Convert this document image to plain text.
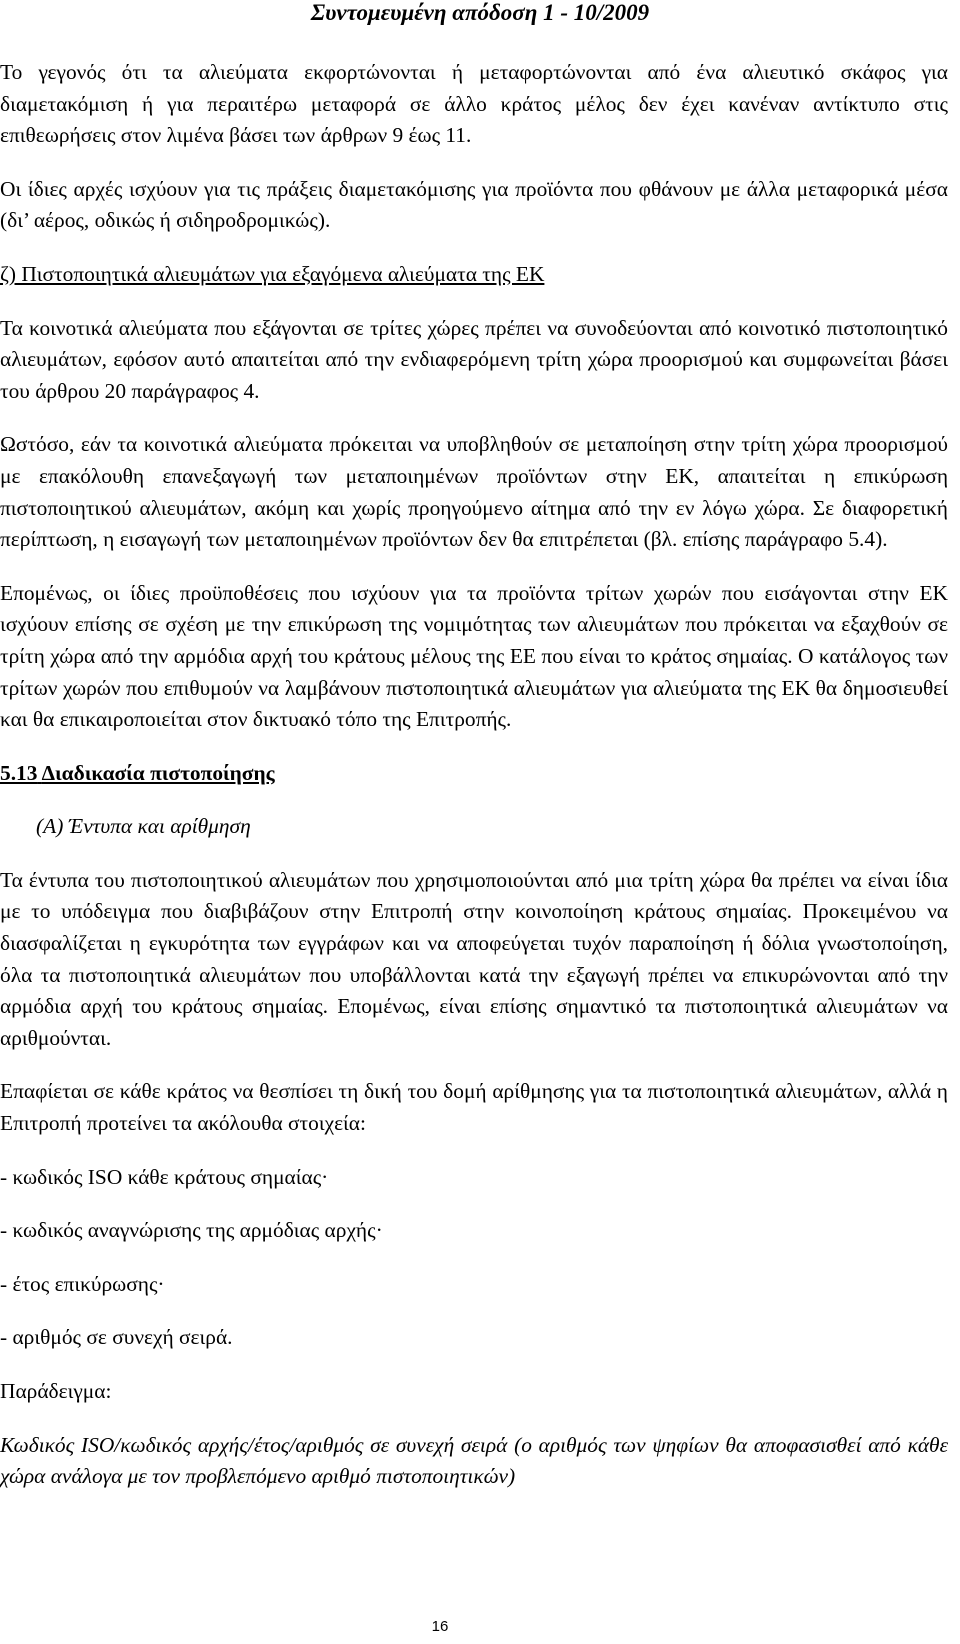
Συντομευμένη απόδοση 1 - 10/2009

Το γεγονός ότι τα αλιεύματα εκφορτώνονται ή μεταφορτώνονται από ένα αλιευτικό σκάφος για διαμετακόμιση ή για περαιτέρω μεταφορά σε άλλο κράτος μέλος δεν έχει κανέναν αντίκτυπο στις επιθεωρήσεις στον λιμένα βάσει των άρθρων 9 έως 11.

Οι ίδιες αρχές ισχύουν για τις πράξεις διαμετακόμισης για προϊόντα που φθάνουν με άλλα μεταφορικά μέσα (δι’ αέρος, οδικώς ή σιδηροδρομικώς).

ζ) Πιστοποιητικά αλιευμάτων για εξαγόμενα αλιεύματα της ΕΚ

Τα κοινοτικά αλιεύματα που εξάγονται σε τρίτες χώρες πρέπει να συνοδεύονται από κοινοτικό πιστοποιητικό αλιευμάτων, εφόσον αυτό απαιτείται από την ενδιαφερόμενη τρίτη χώρα προορισμού και συμφωνείται βάσει του άρθρου 20 παράγραφος 4.

Ωστόσο, εάν τα κοινοτικά αλιεύματα πρόκειται να υποβληθούν σε μεταποίηση στην τρίτη χώρα προορισμού με επακόλουθη επανεξαγωγή των μεταποιημένων προϊόντων στην ΕΚ, απαιτείται η επικύρωση πιστοποιητικού αλιευμάτων, ακόμη και χωρίς προηγούμενο αίτημα από την εν λόγω χώρα. Σε διαφορετική περίπτωση, η εισαγωγή των μεταποιημένων προϊόντων δεν θα επιτρέπεται (βλ. επίσης παράγραφο 5.4).

Επομένως, οι ίδιες προϋποθέσεις που ισχύουν για τα προϊόντα τρίτων χωρών που εισάγονται στην ΕΚ ισχύουν επίσης σε σχέση με την επικύρωση της νομιμότητας των αλιευμάτων που πρόκειται να εξαχθούν σε τρίτη χώρα από την αρμόδια αρχή του κράτους μέλους της ΕΕ που είναι το κράτος σημαίας. Ο κατάλογος των τρίτων χωρών που επιθυμούν να λαμβάνουν πιστοποιητικά αλιευμάτων για αλιεύματα της ΕΚ θα δημοσιευθεί και θα επικαιροποιείται στον δικτυακό τόπο της Επιτροπής.

5.13 Διαδικασία πιστοποίησης

(Α) Έντυπα και αρίθμηση

Τα έντυπα του πιστοποιητικού αλιευμάτων που χρησιμοποιούνται από μια τρίτη χώρα θα πρέπει να είναι ίδια με το υπόδειγμα που διαβιβάζουν στην Επιτροπή στην κοινοποίηση κράτους σημαίας. Προκειμένου να διασφαλίζεται η εγκυρότητα των εγγράφων και να αποφεύγεται τυχόν παραποίηση ή δόλια γνωστοποίηση, όλα τα πιστοποιητικά αλιευμάτων που υποβάλλονται κατά την εξαγωγή πρέπει να επικυρώνονται από την αρμόδια αρχή του κράτους σημαίας. Επομένως, είναι επίσης σημαντικό τα πιστοποιητικά αλιευμάτων να αριθμούνται.

Επαφίεται σε κάθε κράτος να θεσπίσει τη δική του δομή αρίθμησης για τα πιστοποιητικά αλιευμάτων, αλλά η Επιτροπή προτείνει τα ακόλουθα στοιχεία:

- κωδικός ISO κάθε κράτους σημαίας·

- κωδικός αναγνώρισης της αρμόδιας αρχής·

- έτος επικύρωσης·

- αριθμός σε συνεχή σειρά.

Παράδειγμα:

Κωδικός ISO/κωδικός αρχής/έτος/αριθμός σε συνεχή σειρά (ο αριθμός των ψηφίων θα αποφασισθεί από κάθε χώρα ανάλογα με τον προβλεπόμενο αριθμό πιστοποιητικών)

16
